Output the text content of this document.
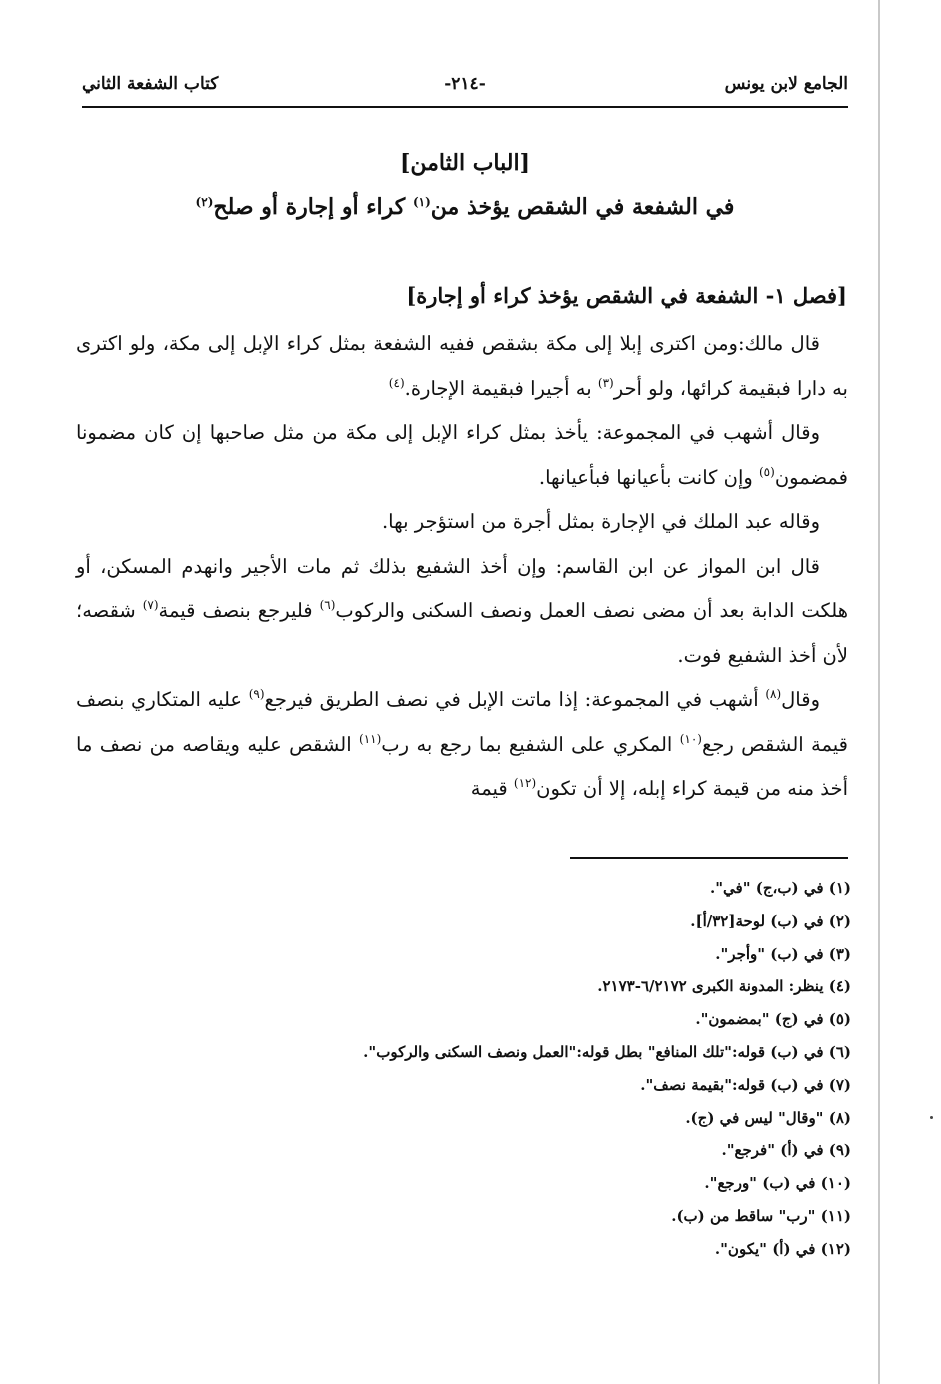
الجامع لابن يونس
-٢١٤-
كتاب الشفعة الثاني
[الباب الثامن]
في الشفعة في الشقص يؤخذ من$^{(١)}$ كراء أو إجارة أو صلح$^{(٢)}$
[فصل ١- الشفعة في الشقص يؤخذ كراء أو إجارة]

قال مالك:ومن اكترى إبلا إلى مكة بشقص ففيه الشفعة بمثل كراء الإبل إلى مكة، ولو اكترى به دارا فبقيمة كرائها، ولو أحر$^{(٣)}$ به أجيرا فبقيمة الإجارة.$^{(٤)}$

وقال أشهب في المجموعة: يأخذ بمثل كراء الإبل إلى مكة من مثل صاحبها إن كان مضمونا فمضمون$^{(٥)}$ وإن كانت بأعيانها فبأعيانها.

وقاله عبد الملك في الإجارة بمثل أجرة من استؤجر بها.

قال ابن المواز عن ابن القاسم: وإن أخذ الشفيع بذلك ثم مات الأجير وانهدم المسكن، أو هلكت الدابة بعد أن مضى نصف العمل ونصف السكنى والركوب$^{(٦)}$ فليرجع بنصف قيمة$^{(٧)}$ شقصه؛ لأن أخذ الشفيع فوت.

وقال$^{(٨)}$ أشهب في المجموعة: إذا ماتت الإبل في نصف الطريق فيرجع$^{(٩)}$ عليه المتكاري بنصف قيمة الشقص رجع$^{(١٠)}$ المكري على الشفيع بما رجع به رب$^{(١١)}$ الشقص عليه ويقاصه من نصف ما أخذ منه من قيمة كراء إبله، إلا أن تكون$^{(١٢)}$ قيمة

(١) في (ب،ج) "في".
(٢) في (ب) لوحة[٣٢/أ].
(٣) في (ب) "وأجر".
(٤) ينظر: المدونة الكبرى ٦/٢١٧٢-٢١٧٣.
(٥) في (ج) "بمضمون".
(٦) في (ب) قوله:"تلك المنافع" بطل قوله:"العمل ونصف السكنى والركوب".
(٧) في (ب) قوله:"بقيمة نصف".
(٨) "وقال" ليس في (ج).
(٩) في (أ) "فرجع".
(١٠) في (ب) "ورجع".
(١١) "رب" ساقط من (ب).
(١٢) في (أ) "يكون".
